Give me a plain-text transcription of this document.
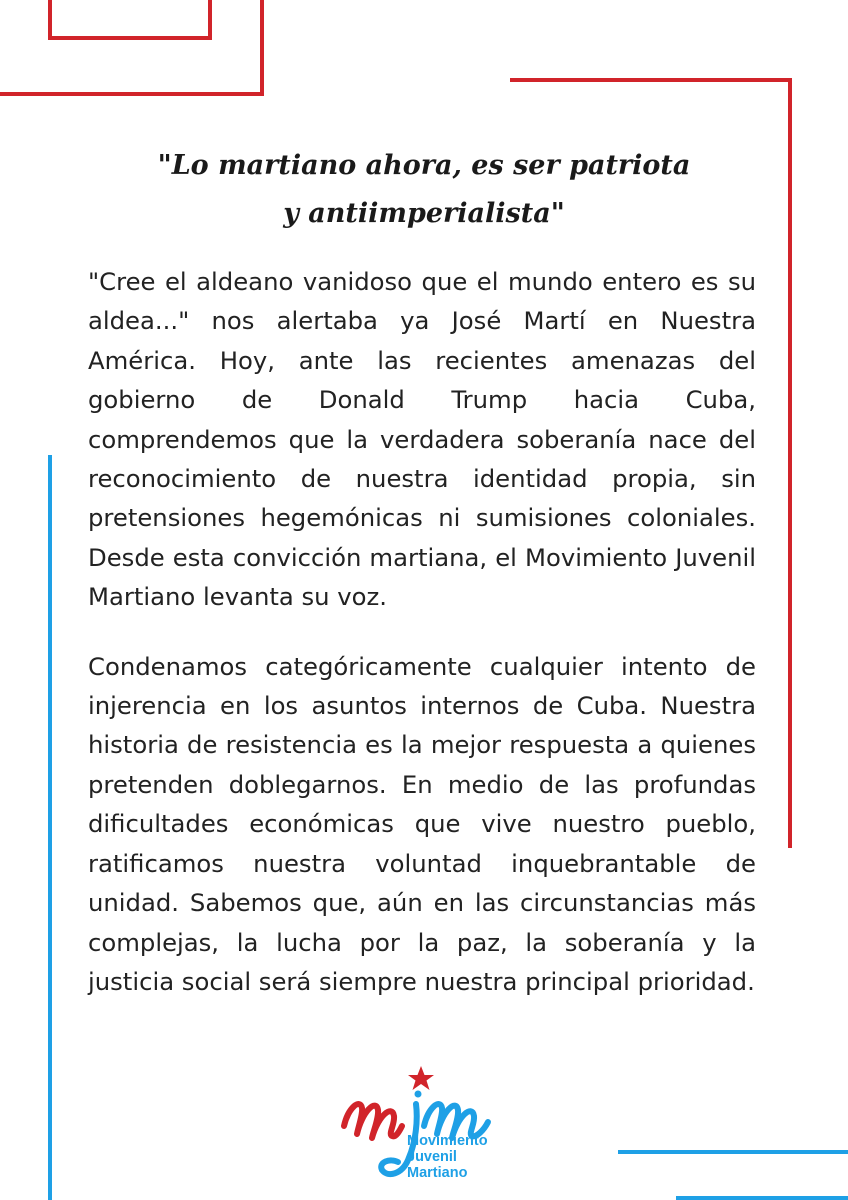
"Lo martiano ahora, es ser patriota y antiimperialista"

"Cree el aldeano vanidoso que el mundo entero es su aldea..." nos alertaba ya José Martí en Nuestra América. Hoy, ante las recientes amenazas del gobierno de Donald Trump hacia Cuba, comprendemos que la verdadera soberanía nace del reconocimiento de nuestra identidad propia, sin pretensiones hegemónicas ni sumisiones coloniales. Desde esta convicción martiana, el Movimiento Juvenil Martiano levanta su voz.

Condenamos categóricamente cualquier intento de injerencia en los asuntos internos de Cuba. Nuestra historia de resistencia es la mejor respuesta a quienes pretenden doblegarnos. En medio de las profundas dificultades económicas que vive nuestro pueblo, ratificamos nuestra voluntad inquebrantable de unidad. Sabemos que, aún en las circunstancias más complejas, la lucha por la paz, la soberanía y la justicia social será siempre nuestra principal prioridad.

Movimiento
Juvenil
Martiano
